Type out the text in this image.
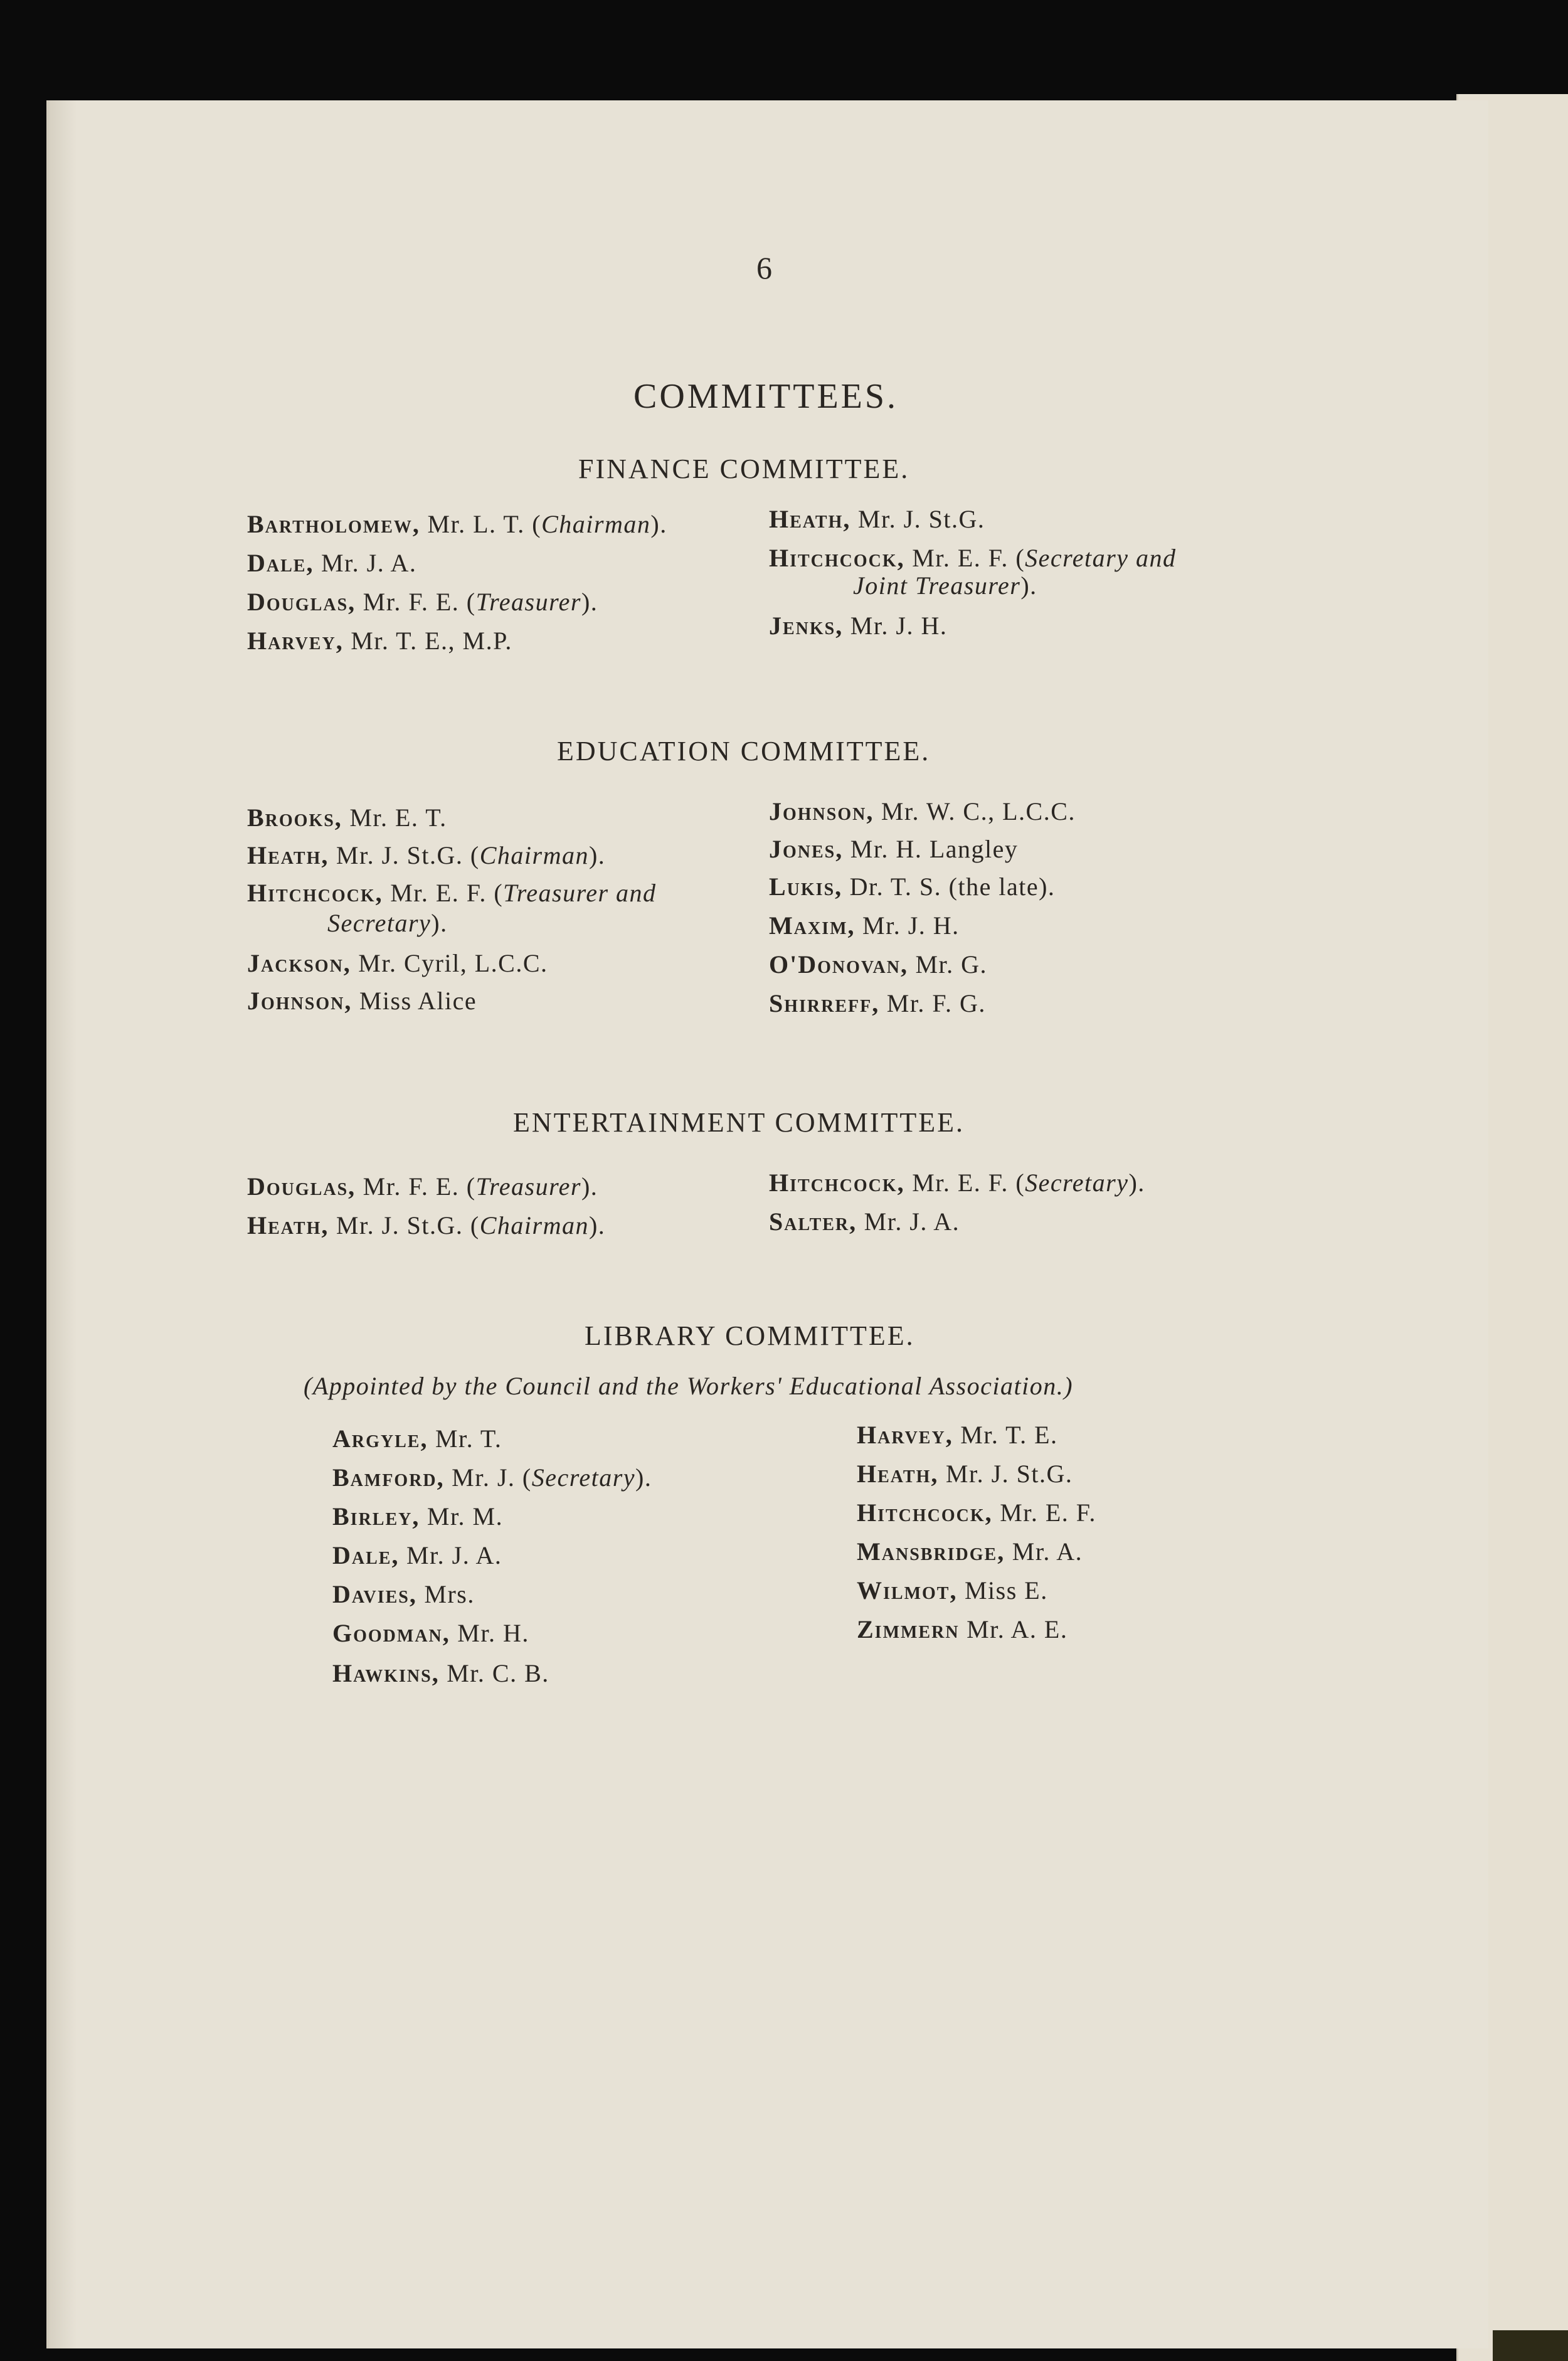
6
COMMITTEES.
FINANCE COMMITTEE.
Bartholomew, Mr. L. T. (Chairman).
Dale, Mr. J. A.
Douglas, Mr. F. E. (Treasurer).
Harvey, Mr. T. E., M.P.
Heath, Mr. J. St.G.
Hitchcock, Mr. E. F. (Secretary and
Joint Treasurer).
Jenks, Mr. J. H.
EDUCATION COMMITTEE.
Brooks, Mr. E. T.
Heath, Mr. J. St.G. (Chairman).
Hitchcock, Mr. E. F. (Treasurer and
Secretary).
Jackson, Mr. Cyril, L.C.C.
Johnson, Miss Alice
Johnson, Mr. W. C., L.C.C.
Jones, Mr. H. Langley
Lukis, Dr. T. S. (the late).
Maxim, Mr. J. H.
O'Donovan, Mr. G.
Shirreff, Mr. F. G.
ENTERTAINMENT COMMITTEE.
Douglas, Mr. F. E. (Treasurer).
Heath, Mr. J. St.G. (Chairman).
Hitchcock, Mr. E. F. (Secretary).
Salter, Mr. J. A.
LIBRARY COMMITTEE.
(Appointed by the Council and the Workers' Educational Association.)
Argyle, Mr. T.
Bamford, Mr. J. (Secretary).
Birley, Mr. M.
Dale, Mr. J. A.
Davies, Mrs.
Goodman, Mr. H.
Hawkins, Mr. C. B.
Harvey, Mr. T. E.
Heath, Mr. J. St.G.
Hitchcock, Mr. E. F.
Mansbridge, Mr. A.
Wilmot, Miss E.
Zimmern Mr. A. E.
